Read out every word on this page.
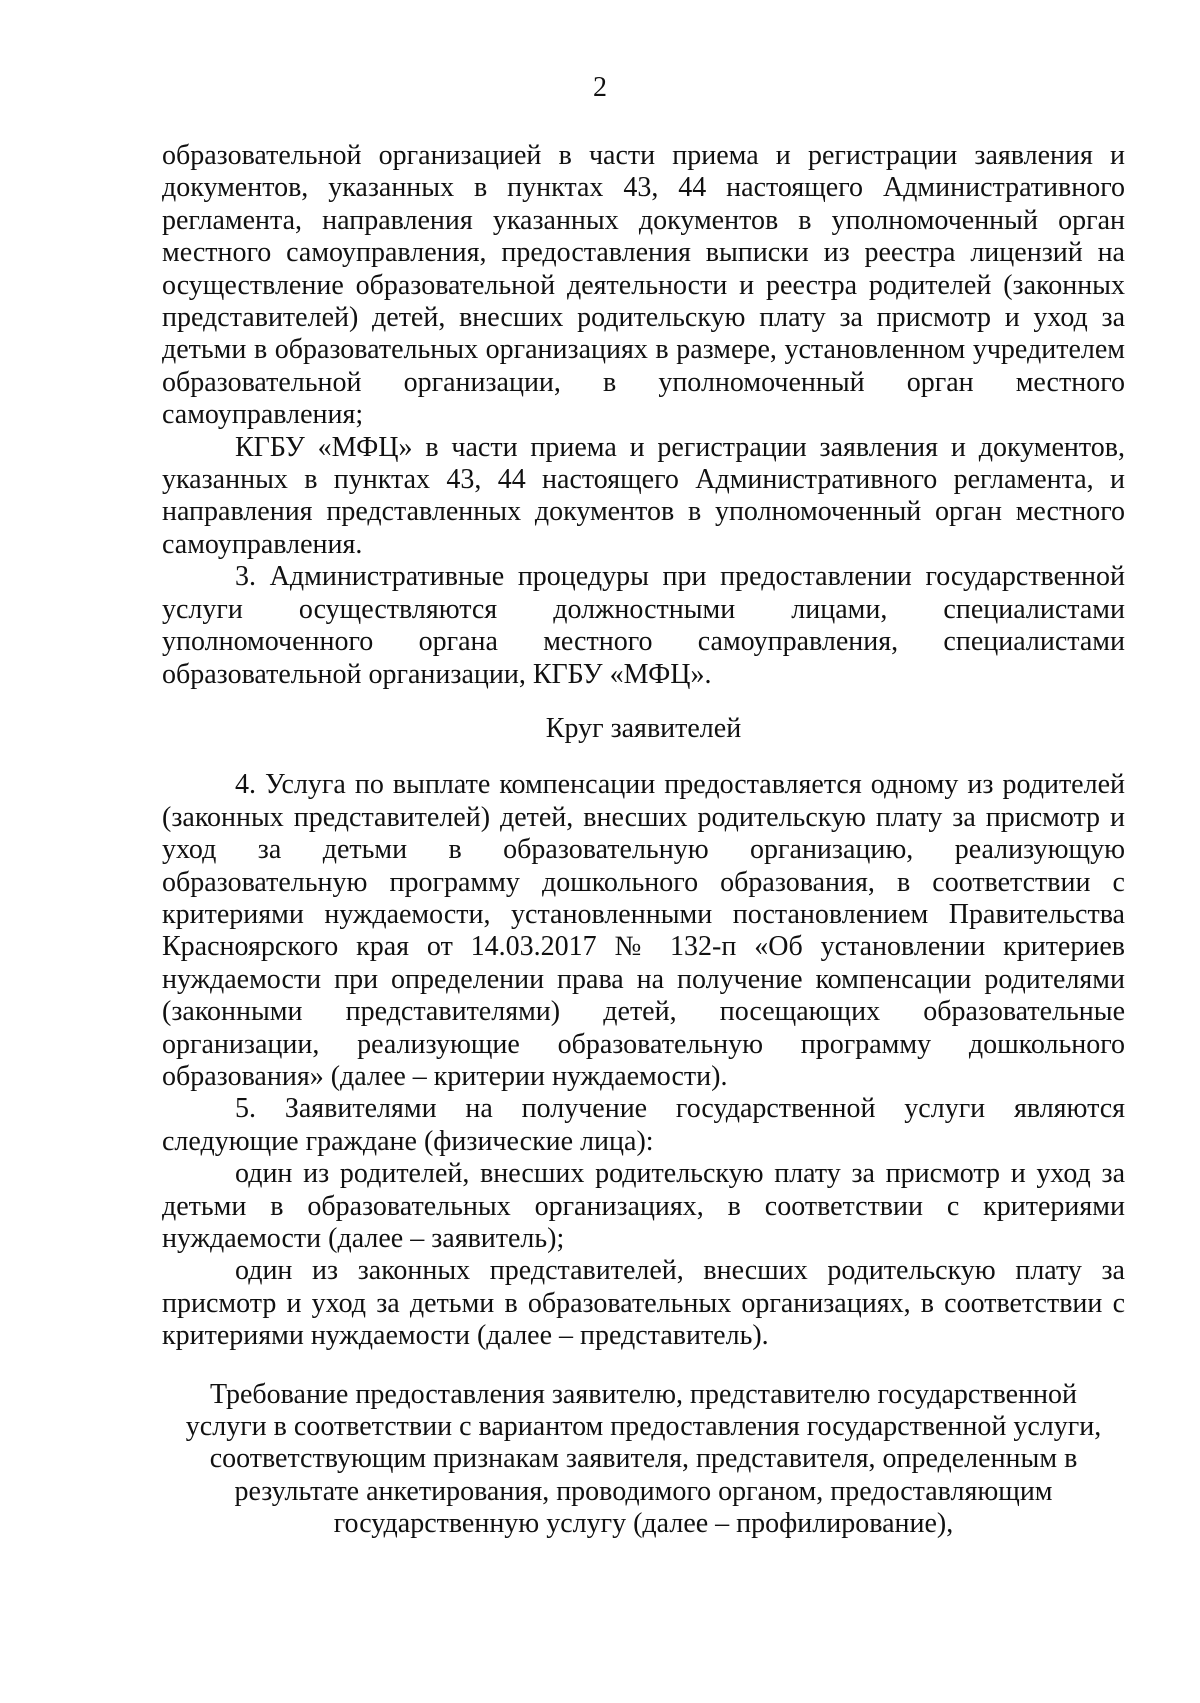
2

образовательной организацией в части приема и регистрации заявления и документов, указанных в пунктах 43, 44 настоящего Административного регламента, направления указанных документов в уполномоченный орган местного самоуправления, предоставления выписки из реестра лицензий на осуществление образовательной деятельности и реестра родителей (законных представителей) детей, внесших родительскую плату за присмотр и уход за детьми в образовательных организациях в размере, установленном учредителем образовательной организации, в уполномоченный орган местного самоуправления;

КГБУ «МФЦ» в части приема и регистрации заявления и документов, указанных в пунктах 43, 44 настоящего Административного регламента, и направления представленных документов в уполномоченный орган местного самоуправления.

3. Административные процедуры при предоставлении государственной услуги осуществляются должностными лицами, специалистами уполномоченного органа местного самоуправления, специалистами образовательной организации, КГБУ «МФЦ».

Круг заявителей

4. Услуга по выплате компенсации предоставляется одному из родителей (законных представителей) детей, внесших родительскую плату за присмотр и уход за детьми в образовательную организацию, реализующую образовательную программу дошкольного образования, в соответствии с критериями нуждаемости, установленными постановлением Правительства Красноярского края от 14.03.2017 № 132-п «Об установлении критериев нуждаемости при определении права на получение компенсации родителями (законными представителями) детей, посещающих образовательные организации, реализующие образовательную программу дошкольного образования» (далее – критерии нуждаемости).

5. Заявителями на получение государственной услуги являются следующие граждане (физические лица):

один из родителей, внесших родительскую плату за присмотр и уход за детьми в образовательных организациях, в соответствии с критериями нуждаемости (далее – заявитель);

один из законных представителей, внесших родительскую плату за присмотр и уход за детьми в образовательных организациях, в соответствии с критериями нуждаемости (далее – представитель).

Требование предоставления заявителю, представителю государственной
услуги в соответствии с вариантом предоставления государственной услуги,
соответствующим признакам заявителя, представителя, определенным в
результате анкетирования, проводимого органом, предоставляющим
государственную услугу (далее – профилирование),
